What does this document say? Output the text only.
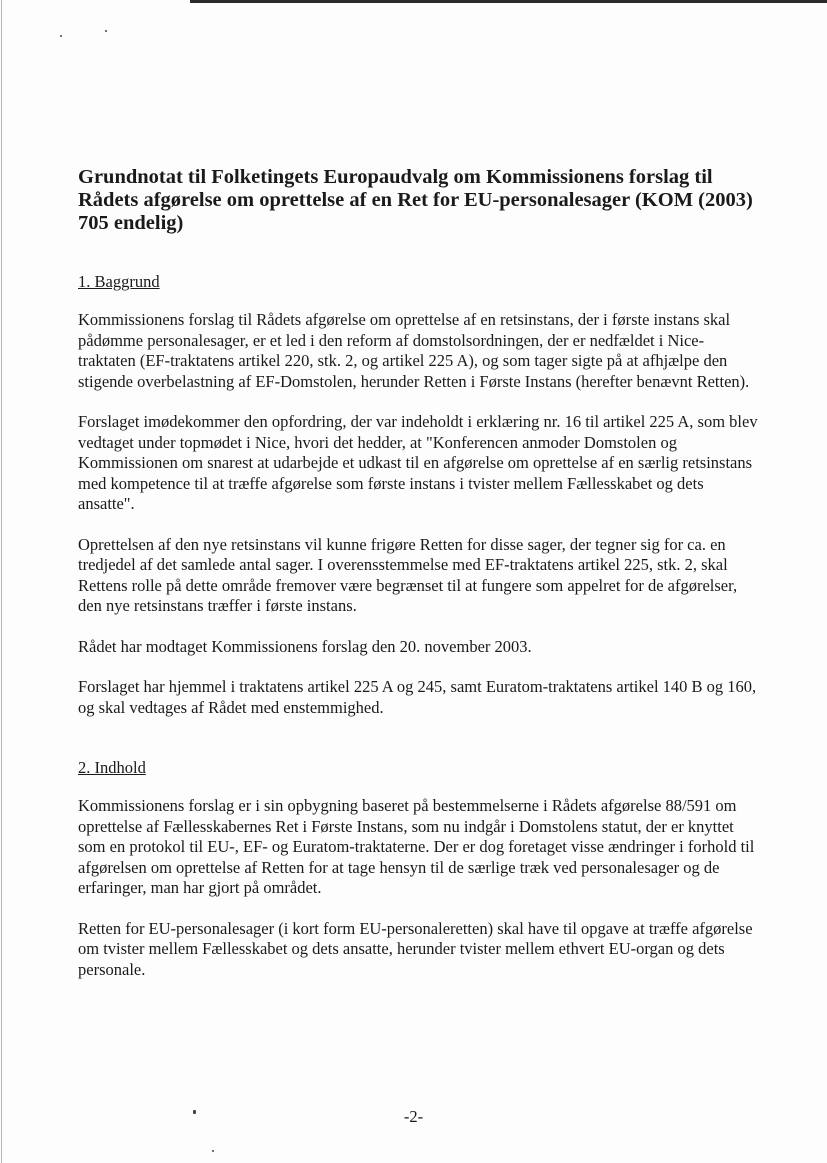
Grundnotat til Folketingets Europaudvalg om Kommissionens forslag til Rådets afgørelse om oprettelse af en Ret for EU-personalesager (KOM (2003) 705 endelig)
1. Baggrund

Kommissionens forslag til Rådets afgørelse om oprettelse af en retsinstans, der i første instans skal pådømme personalesager, er et led i den reform af domstolsordningen, der er nedfældet i Nice-traktaten (EF-traktatens artikel 220, stk. 2, og artikel 225 A), og som tager sigte på at afhjælpe den stigende overbelastning af EF-Domstolen, herunder Retten i Første Instans (herefter benævnt Retten).

Forslaget imødekommer den opfordring, der var indeholdt i erklæring nr. 16 til artikel 225 A, som blev vedtaget under topmødet i Nice, hvori det hedder, at "Konferencen anmoder Domstolen og Kommissionen om snarest at udarbejde et udkast til en afgørelse om oprettelse af en særlig retsinstans med kompetence til at træffe afgørelse som første instans i tvister mellem Fællesskabet og dets ansatte".

Oprettelsen af den nye retsinstans vil kunne frigøre Retten for disse sager, der tegner sig for ca. en tredjedel af det samlede antal sager. I overensstemmelse med EF-traktatens artikel 225, stk. 2, skal Rettens rolle på dette område fremover være begrænset til at fungere som appelret for de afgørelser, den nye retsinstans træffer i første instans.

Rådet har modtaget Kommissionens forslag den 20. november 2003.

Forslaget har hjemmel i traktatens artikel 225 A og 245, samt Euratom-traktatens artikel 140 B og 160, og skal vedtages af Rådet med enstemmighed.

2. Indhold

Kommissionens forslag er i sin opbygning baseret på bestemmelserne i Rådets afgørelse 88/591 om oprettelse af Fællesskabernes Ret i Første Instans, som nu indgår i Domstolens statut, der er knyttet som en protokol til EU-, EF- og Euratom-traktaterne. Der er dog foretaget visse ændringer i forhold til afgørelsen om oprettelse af Retten for at tage hensyn til de særlige træk ved personalesager og de erfaringer, man har gjort på området.

Retten for EU-personalesager (i kort form EU-personaleretten) skal have til opgave at træffe afgørelse om tvister mellem Fællesskabet og dets ansatte, herunder tvister mellem ethvert EU-organ og dets personale.

-2-
